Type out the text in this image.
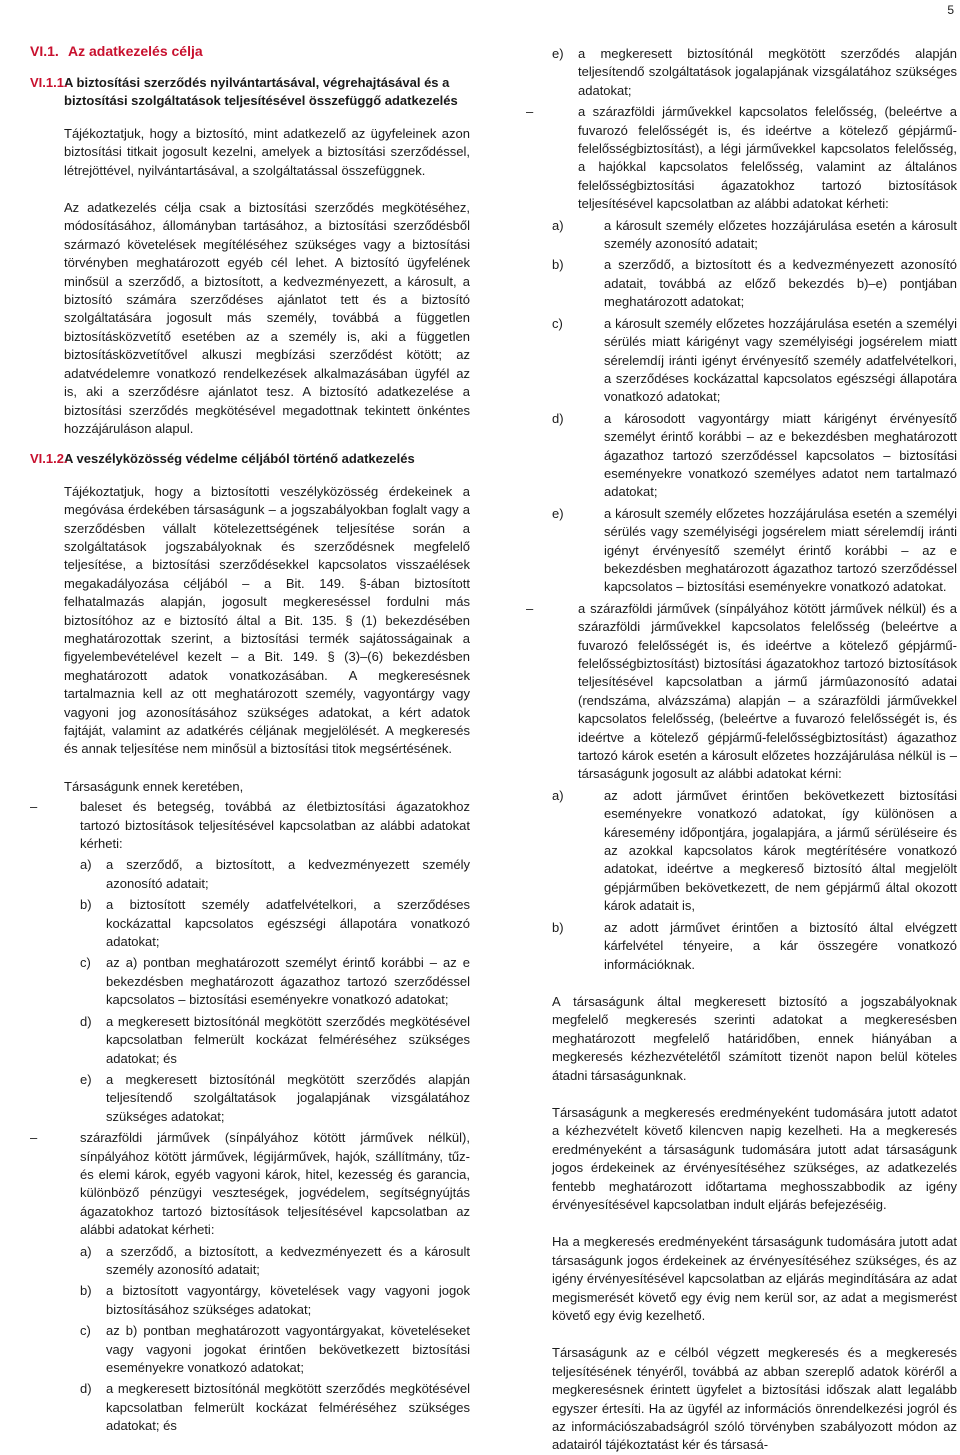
5
VI.1. Az adatkezelés célja
VI.1.1.
A biztosítási szerződés nyilvántartásával, végrehajtásával és a biztosítási szolgáltatások teljesítésével összefüggő adatkezelés

Tájékoztatjuk, hogy a biztosító, mint adatkezelő az ügyfeleinek azon biztosítási titkait jogosult kezelni, amelyek a biztosítási szerződéssel, létrejöttével, nyilvántartásával, a szolgáltatással összefüggnek.

Az adatkezelés célja csak a biztosítási szerződés megkötéséhez, módosításához, állományban tartásához, a biztosítási szerződésből származó követelések megítéléséhez szükséges vagy a biztosítási törvényben meghatározott egyéb cél lehet. A biztosító ügyfelének minősül a szerződő, a biztosított, a kedvezményezett, a károsult, a biztosító számára szerződéses ajánlatot tett és a biztosító szolgáltatására jogosult más személy, továbbá a független biztosításközvetítő esetében az a személy is, aki a független biztosításközvetítővel alkuszi megbízási szerződést kötött; az adatvédelemre vonatkozó rendelkezések alkalmazásában ügyfél az is, aki a szerződésre ajánlatot tesz. A biztosító adatkezelése a biztosítási szerződés megkötésével megadottnak tekintett önkéntes hozzájáruláson alapul.

VI.1.2.
A veszélyközösség védelme céljából történő adatkezelés

Tájékoztatjuk, hogy a biztosítotti veszélyközösség érdekeinek a megóvása érdekében társaságunk – a jogszabályokban foglalt vagy a szerződésben vállalt kötelezettségének teljesítése során a szolgáltatások jogszabályoknak és szerződésnek megfelelő teljesítése, a biztosítási szerződésekkel kapcsolatos visszaélések megakadályozása céljából – a Bit. 149. §-ában biztosított felhatalmazás alapján, jogosult megkereséssel fordulni más biztosítóhoz az e biztosító által a Bit. 135. § (1) bekezdésében meghatározottak szerint, a biztosítási termék sajátosságainak a figyelembevételével kezelt – a Bit. 149. § (3)–(6) bekezdésben meghatározott adatok vonatkozásában. A megkeresésnek tartalmaznia kell az ott meghatározott személy, vagyontárgy vagy vagyoni jog azonosításához szükséges adatokat, a kért adatok fajtáját, valamint az adatkérés céljának megjelölését. A megkeresés és annak teljesítése nem minősül a biztosítási titok megsértésének.

Társaságunk ennek keretében,

–	baleset és betegség, továbbá az életbiztosítási ágazatokhoz tartozó biztosítások teljesítésével kapcsolatban az alábbi adatokat kérheti:

a) a szerződő, a biztosított, a kedvezményezett személy azonosító adatait;

b) a biztosított személy adatfelvételkori, a szerződéses kockázattal kapcsolatos egészségi állapotára vonatkozó adatokat;

c) az a) pontban meghatározott személyt érintő korábbi – az e bekezdésben meghatározott ágazathoz tartozó szerződéssel kapcsolatos – biztosítási eseményekre vonatkozó adatokat;

d) a megkeresett biztosítónál megkötött szerződés megkötésével kapcsolatban felmerült kockázat felméréséhez szükséges adatokat; és

e) a megkeresett biztosítónál megkötött szerződés alapján teljesítendő szolgáltatások jogalapjának vizsgálatához szükséges adatokat;

–	szárazföldi járművek (sínpályához kötött járművek nélkül), sínpályához kötött járművek, légijárművek, hajók, szállítmány, tűz- és elemi károk, egyéb vagyoni károk, hitel, kezesség és garancia, különböző pénzügyi veszteségek, jogvédelem, segítségnyújtás ágazatokhoz tartozó biztosítások teljesítésével kapcsolatban az alábbi adatokat kérheti:

a) a szerződő, a biztosított, a kedvezményezett és a károsult személy azonosító adatait;

b) a biztosított vagyontárgy, követelések vagy vagyoni jogok biztosításához szükséges adatokat;

c) az b) pontban meghatározott vagyontárgyakat, követeléseket vagy vagyoni jogokat érintően bekövetkezett biztosítási eseményekre vonatkozó adatokat;

d) a megkeresett biztosítónál megkötött szerződés megkötésével kapcsolatban felmerült kockázat felméréséhez szükséges adatokat; és

e) a megkeresett biztosítónál megkötött szerződés alapján teljesítendő szolgáltatások jogalapjának vizsgálatához szükséges adatokat;

–	a szárazföldi járművekkel kapcsolatos felelősség, (beleértve a fuvarozó felelősségét is, és ideértve a kötelező gépjármű-felelősségbiztosítást), a légi járművekkel kapcsolatos felelősség, a hajókkal kapcsolatos felelősség, valamint az általános felelősségbiztosítási ágazatokhoz tartozó biztosítások teljesítésével kapcsolatban az alábbi adatokat kérheti:

a)	a károsult személy előzetes hozzájárulása esetén a károsult személy azonosító adatait;

b)	a szerződő, a biztosított és a kedvezményezett azonosító adatait, továbbá az előző bekezdés b)–e) pontjában meghatározott adatokat;

c)	a károsult személy előzetes hozzájárulása esetén a személyi sérülés miatt kárigényt vagy személyiségi jogsérelem miatt sérelemdíj iránti igényt érvényesítő személy adatfelvételkori, a szerződéses kockázattal kapcsolatos egészségi állapotára vonatkozó adatokat;

d)	a károsodott vagyontárgy miatt kárigényt érvényesítő személyt érintő korábbi – az e bekezdésben meghatározott ágazathoz tartozó szerződéssel kapcsolatos – biztosítási eseményekre vonatkozó személyes adatot nem tartalmazó adatokat;

e)	a károsult személy előzetes hozzájárulása esetén a személyi sérülés vagy személyiségi jogsérelem miatt sérelemdíj iránti igényt érvényesítő személyt érintő korábbi – az e bekezdésben meghatározott ágazathoz tartozó szerződéssel kapcsolatos – biztosítási eseményekre vonatkozó adatokat.

–	a szárazföldi járművek (sínpályához kötött járművek nélkül) és a szárazföldi járművekkel kapcsolatos felelősség (beleértve a fuvarozó felelősségét is, és ideértve a kötelező gépjármű-felelősségbiztosítást) biztosítási ágazatokhoz tartozó biztosítások teljesítésével kapcsolatban a jármű jármûazonosító adatai (rendszáma, alvázszáma) alapján – a szárazföldi járművekkel kapcsolatos felelősség, (beleértve a fuvarozó felelősségét is, és ideértve a kötelező gépjármű-felelősségbiztosítást) ágazathoz tartozó károk esetén a károsult előzetes hozzájárulása nélkül is – társaságunk jogosult az alábbi adatokat kérni:

a)	az adott járművet érintően bekövetkezett biztosítási eseményekre vonatkozó adatokat, így különösen a káresemény időpontjára, jogalapjára, a jármű sérüléseire és az azokkal kapcsolatos károk megtérítésére vonatkozó adatokat, ideértve a megkereső biztosító által megjelölt gépjárműben bekövetkezett, de nem gépjármű által okozott károk adatait is,

b)	az adott járművet érintően a biztosító által elvégzett kárfelvétel tényeire, a kár összegére vonatkozó információknak.

A társaságunk által megkeresett biztosító a jogszabályoknak megfelelő megkeresés szerinti adatokat a megkeresésben meghatározott megfelelő határidőben, ennek hiányában a megkeresés kézhezvételétől számított tizenöt napon belül köteles átadni társaságunknak.

Társaságunk a megkeresés eredményeként tudomására jutott adatot a kézhezvételt követő kilencven napig kezelheti. Ha a megkeresés eredményeként a társaságunk tudomására jutott adat társaságunk jogos érdekeinek az érvényesítéséhez szükséges, az adatkezelés fentebb meghatározott időtartama meghosszabbodik az igény érvényesítésével kapcsolatban indult eljárás befejezéséig.

Ha a megkeresés eredményeként társaságunk tudomására jutott adat társaságunk jogos érdekeinek az érvényesítéséhez szükséges, és az igény érvényesítésével kapcsolatban az eljárás megindítására az adat megismerését követő egy évig nem kerül sor, az adat a megismerést követő egy évig kezelhető.

Társaságunk az e célból végzett megkeresés és a megkeresés teljesítésének tényéről, továbbá az abban szereplő adatok köréről a megkeresésnek érintett ügyfelet a biztosítási időszak alatt legalább egyszer értesíti. Ha az ügyfél az információs önrendelkezési jogról és az információszabadságról szóló törvényben szabályozott módon az adatairól tájékoztatást kér és társasá-
